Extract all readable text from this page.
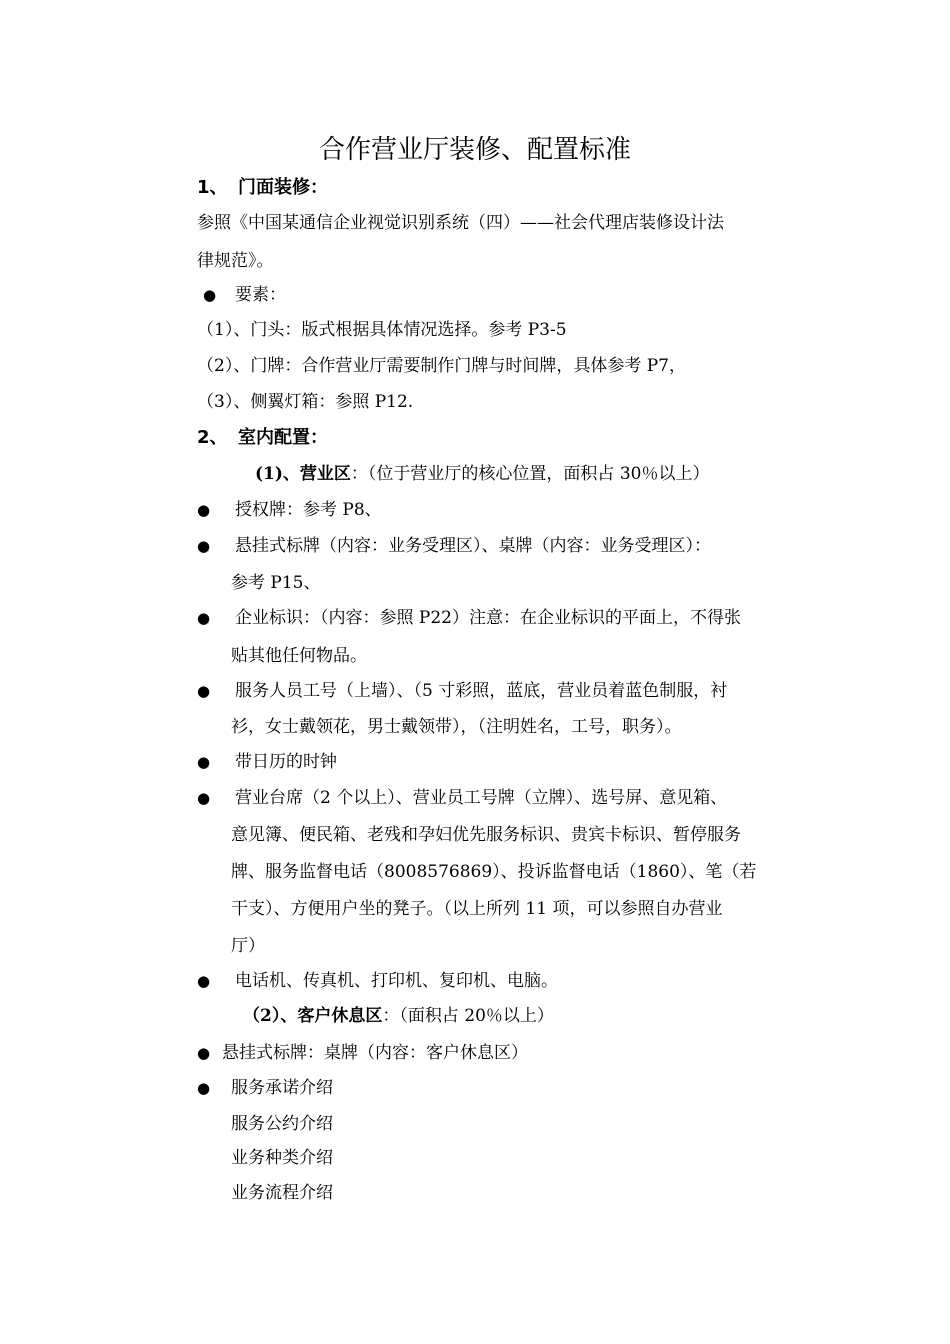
合作营业厅装修、配置标准
1、 门面装修：
参照《中国某通信企业视觉识别系统（四）——社会代理店装修设计法
律规范》。
● 要素：
（1）、门头：版式根据具体情况选择。参考 P3-5
（2）、门牌：合作营业厅需要制作门牌与时间牌，具体参考 P7，
（3）、侧翼灯箱：参照 P12.
2、 室内配置：
(1)、营业区：（位于营业厅的核心位置，面积占 30％以上）
● 授权牌：参考 P8、
● 悬挂式标牌（内容：业务受理区）、桌牌（内容：业务受理区）：
参考 P15、
● 企业标识：（内容：参照 P22）注意：在企业标识的平面上，不得张
贴其他任何物品。
● 服务人员工号（上墙）、（5 寸彩照，蓝底，营业员着蓝色制服，衬
衫，女士戴领花，男士戴领带），（注明姓名，工号，职务）。
● 带日历的时钟
● 营业台席（2 个以上）、营业员工号牌（立牌）、选号屏、意见箱、
意见簿、便民箱、老残和孕妇优先服务标识、贵宾卡标识、暂停服务
牌、服务监督电话（8008576869）、投诉监督电话（1860）、笔（若
干支）、方便用户坐的凳子。（以上所列 11 项，可以参照自办营业
厅）
● 电话机、传真机、打印机、复印机、电脑。
（2）、客户休息区：（面积占 20％以上）
● 悬挂式标牌：桌牌（内容：客户休息区）
● 服务承诺介绍
服务公约介绍
业务种类介绍
业务流程介绍
